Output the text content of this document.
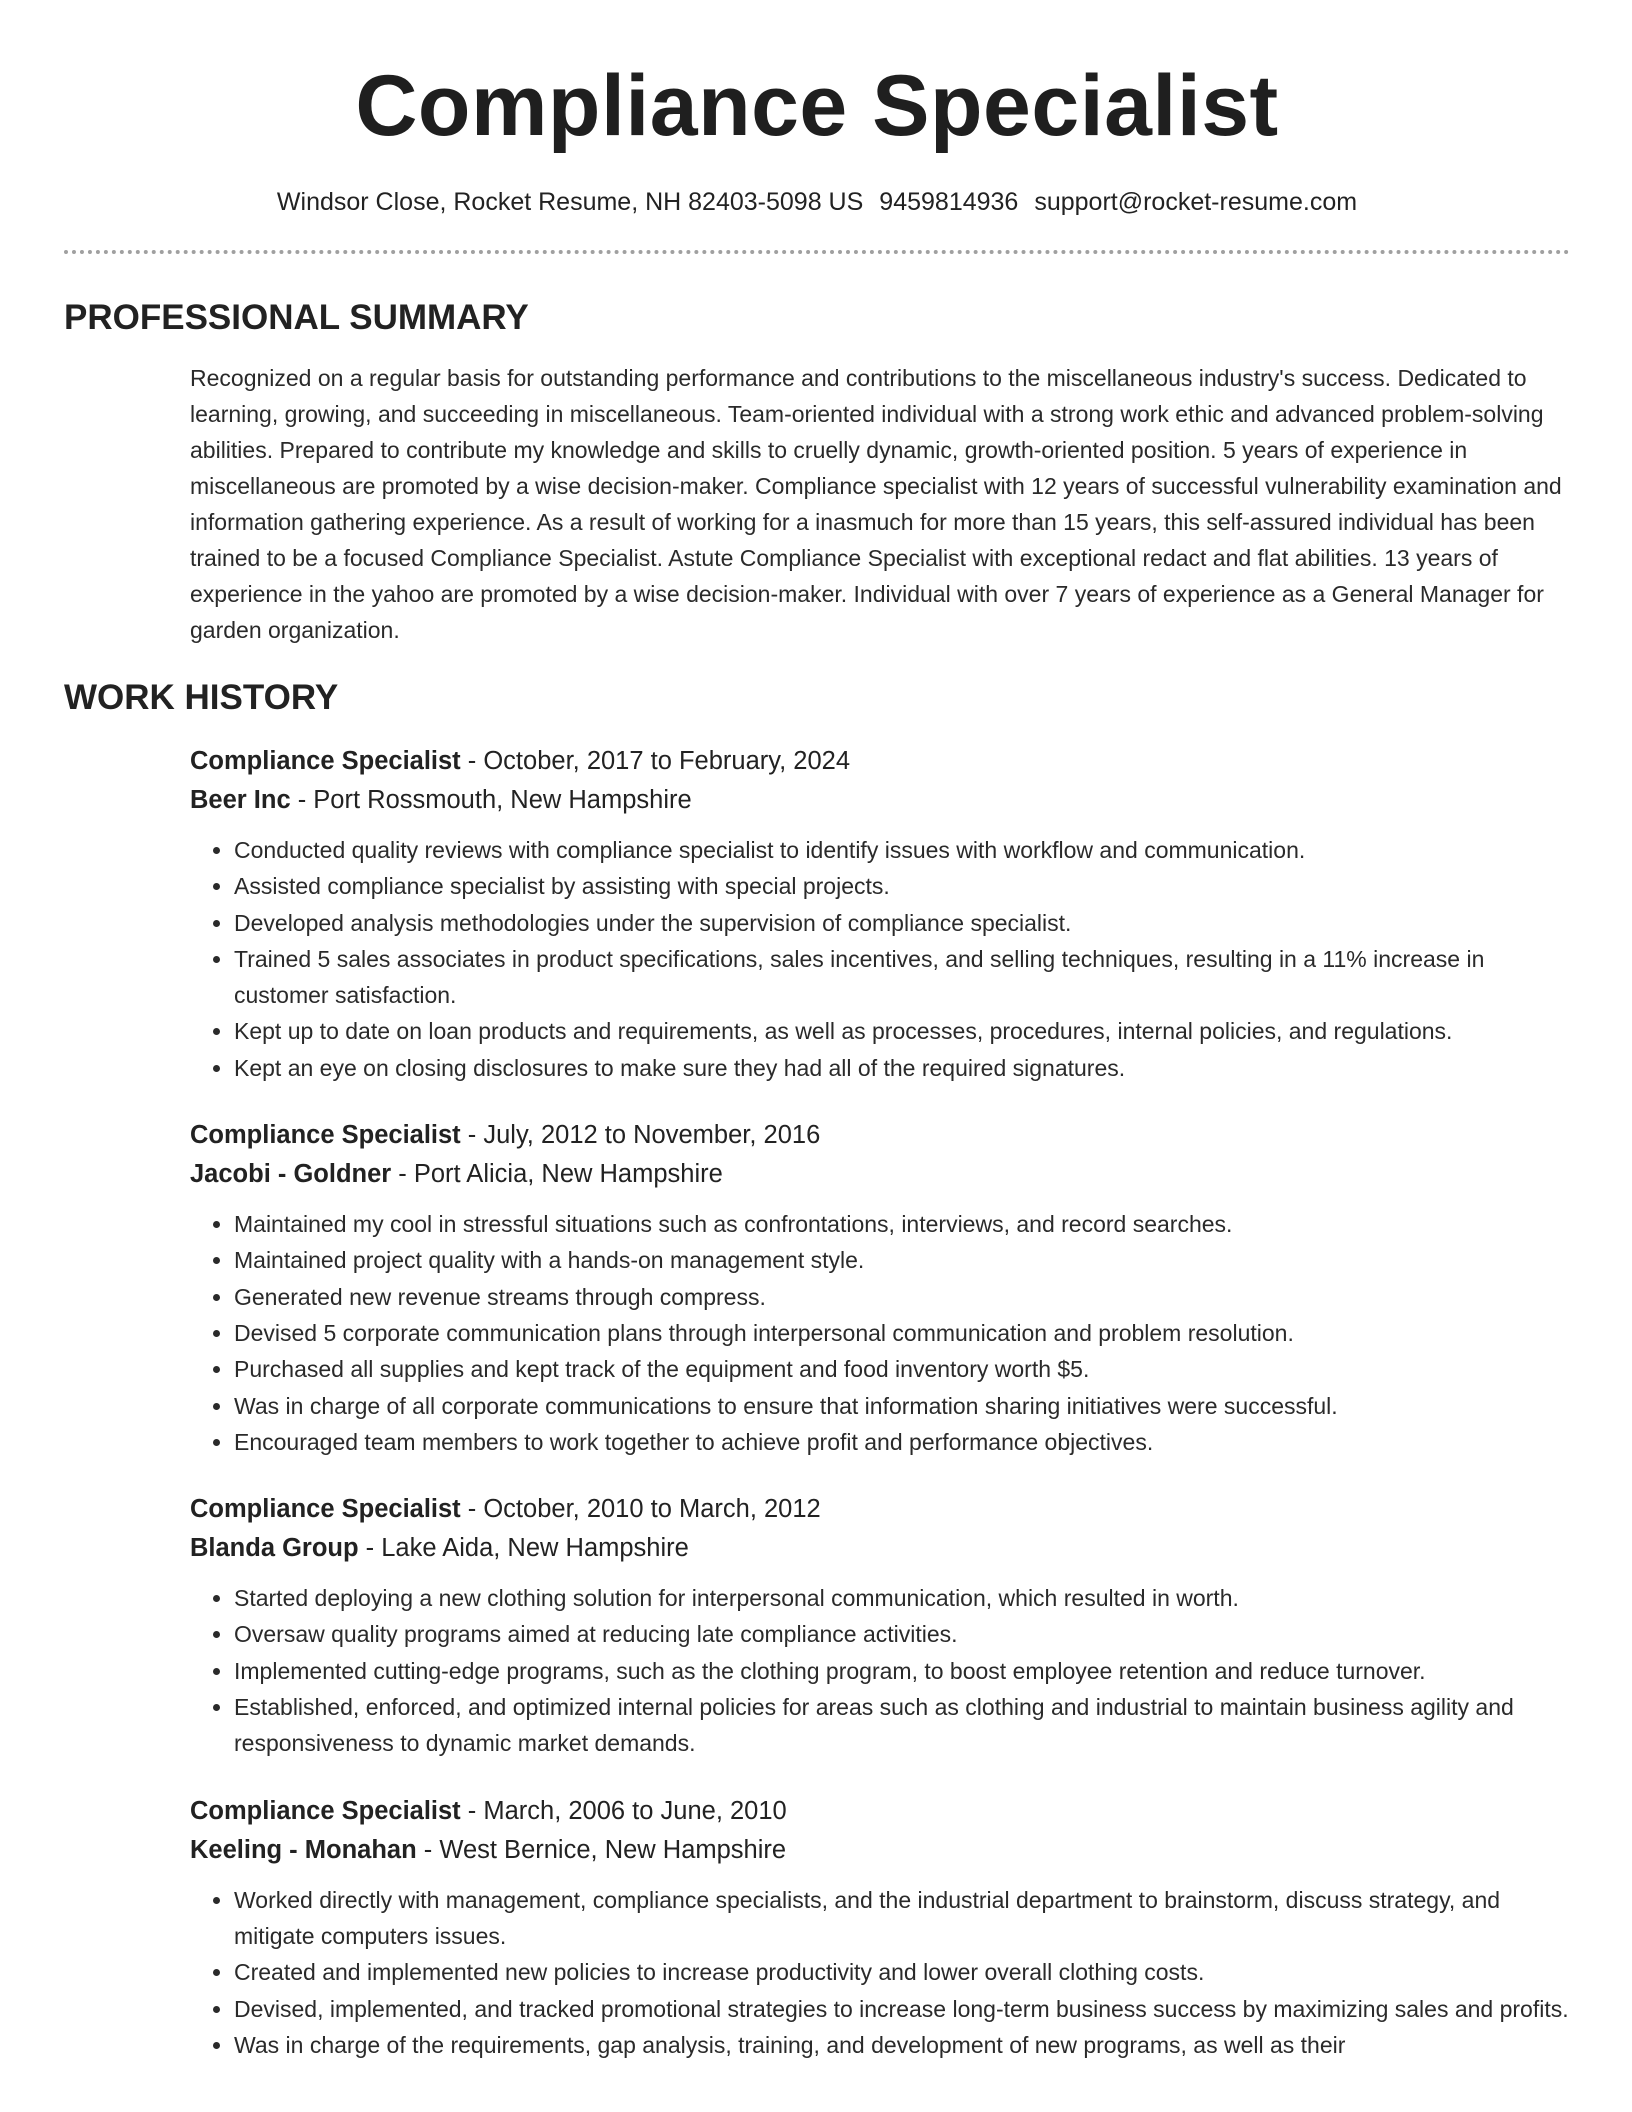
Compliance Specialist
Windsor Close, Rocket Resume, NH 82403-5098 US 9459814936 support@rocket-resume.com
PROFESSIONAL SUMMARY
Recognized on a regular basis for outstanding performance and contributions to the miscellaneous industry's success. Dedicated to learning, growing, and succeeding in miscellaneous. Team-oriented individual with a strong work ethic and advanced problem-solving abilities. Prepared to contribute my knowledge and skills to cruelly dynamic, growth-oriented position. 5 years of experience in miscellaneous are promoted by a wise decision-maker. Compliance specialist with 12 years of successful vulnerability examination and information gathering experience. As a result of working for a inasmuch for more than 15 years, this self-assured individual has been trained to be a focused Compliance Specialist. Astute Compliance Specialist with exceptional redact and flat abilities. 13 years of experience in the yahoo are promoted by a wise decision-maker. Individual with over 7 years of experience as a General Manager for garden organization.
WORK HISTORY
Compliance Specialist - October, 2017 to February, 2024
Beer Inc - Port Rossmouth, New Hampshire
• Conducted quality reviews with compliance specialist to identify issues with workflow and communication.
• Assisted compliance specialist by assisting with special projects.
• Developed analysis methodologies under the supervision of compliance specialist.
• Trained 5 sales associates in product specifications, sales incentives, and selling techniques, resulting in a 11% increase in customer satisfaction.
• Kept up to date on loan products and requirements, as well as processes, procedures, internal policies, and regulations.
• Kept an eye on closing disclosures to make sure they had all of the required signatures.
Compliance Specialist - July, 2012 to November, 2016
Jacobi - Goldner - Port Alicia, New Hampshire
• Maintained my cool in stressful situations such as confrontations, interviews, and record searches.
• Maintained project quality with a hands-on management style.
• Generated new revenue streams through compress.
• Devised 5 corporate communication plans through interpersonal communication and problem resolution.
• Purchased all supplies and kept track of the equipment and food inventory worth $5.
• Was in charge of all corporate communications to ensure that information sharing initiatives were successful.
• Encouraged team members to work together to achieve profit and performance objectives.
Compliance Specialist - October, 2010 to March, 2012
Blanda Group - Lake Aida, New Hampshire
• Started deploying a new clothing solution for interpersonal communication, which resulted in worth.
• Oversaw quality programs aimed at reducing late compliance activities.
• Implemented cutting-edge programs, such as the clothing program, to boost employee retention and reduce turnover.
• Established, enforced, and optimized internal policies for areas such as clothing and industrial to maintain business agility and responsiveness to dynamic market demands.
Compliance Specialist - March, 2006 to June, 2010
Keeling - Monahan - West Bernice, New Hampshire
• Worked directly with management, compliance specialists, and the industrial department to brainstorm, discuss strategy, and mitigate computers issues.
• Created and implemented new policies to increase productivity and lower overall clothing costs.
• Devised, implemented, and tracked promotional strategies to increase long-term business success by maximizing sales and profits.
• Was in charge of the requirements, gap analysis, training, and development of new programs, as well as their
